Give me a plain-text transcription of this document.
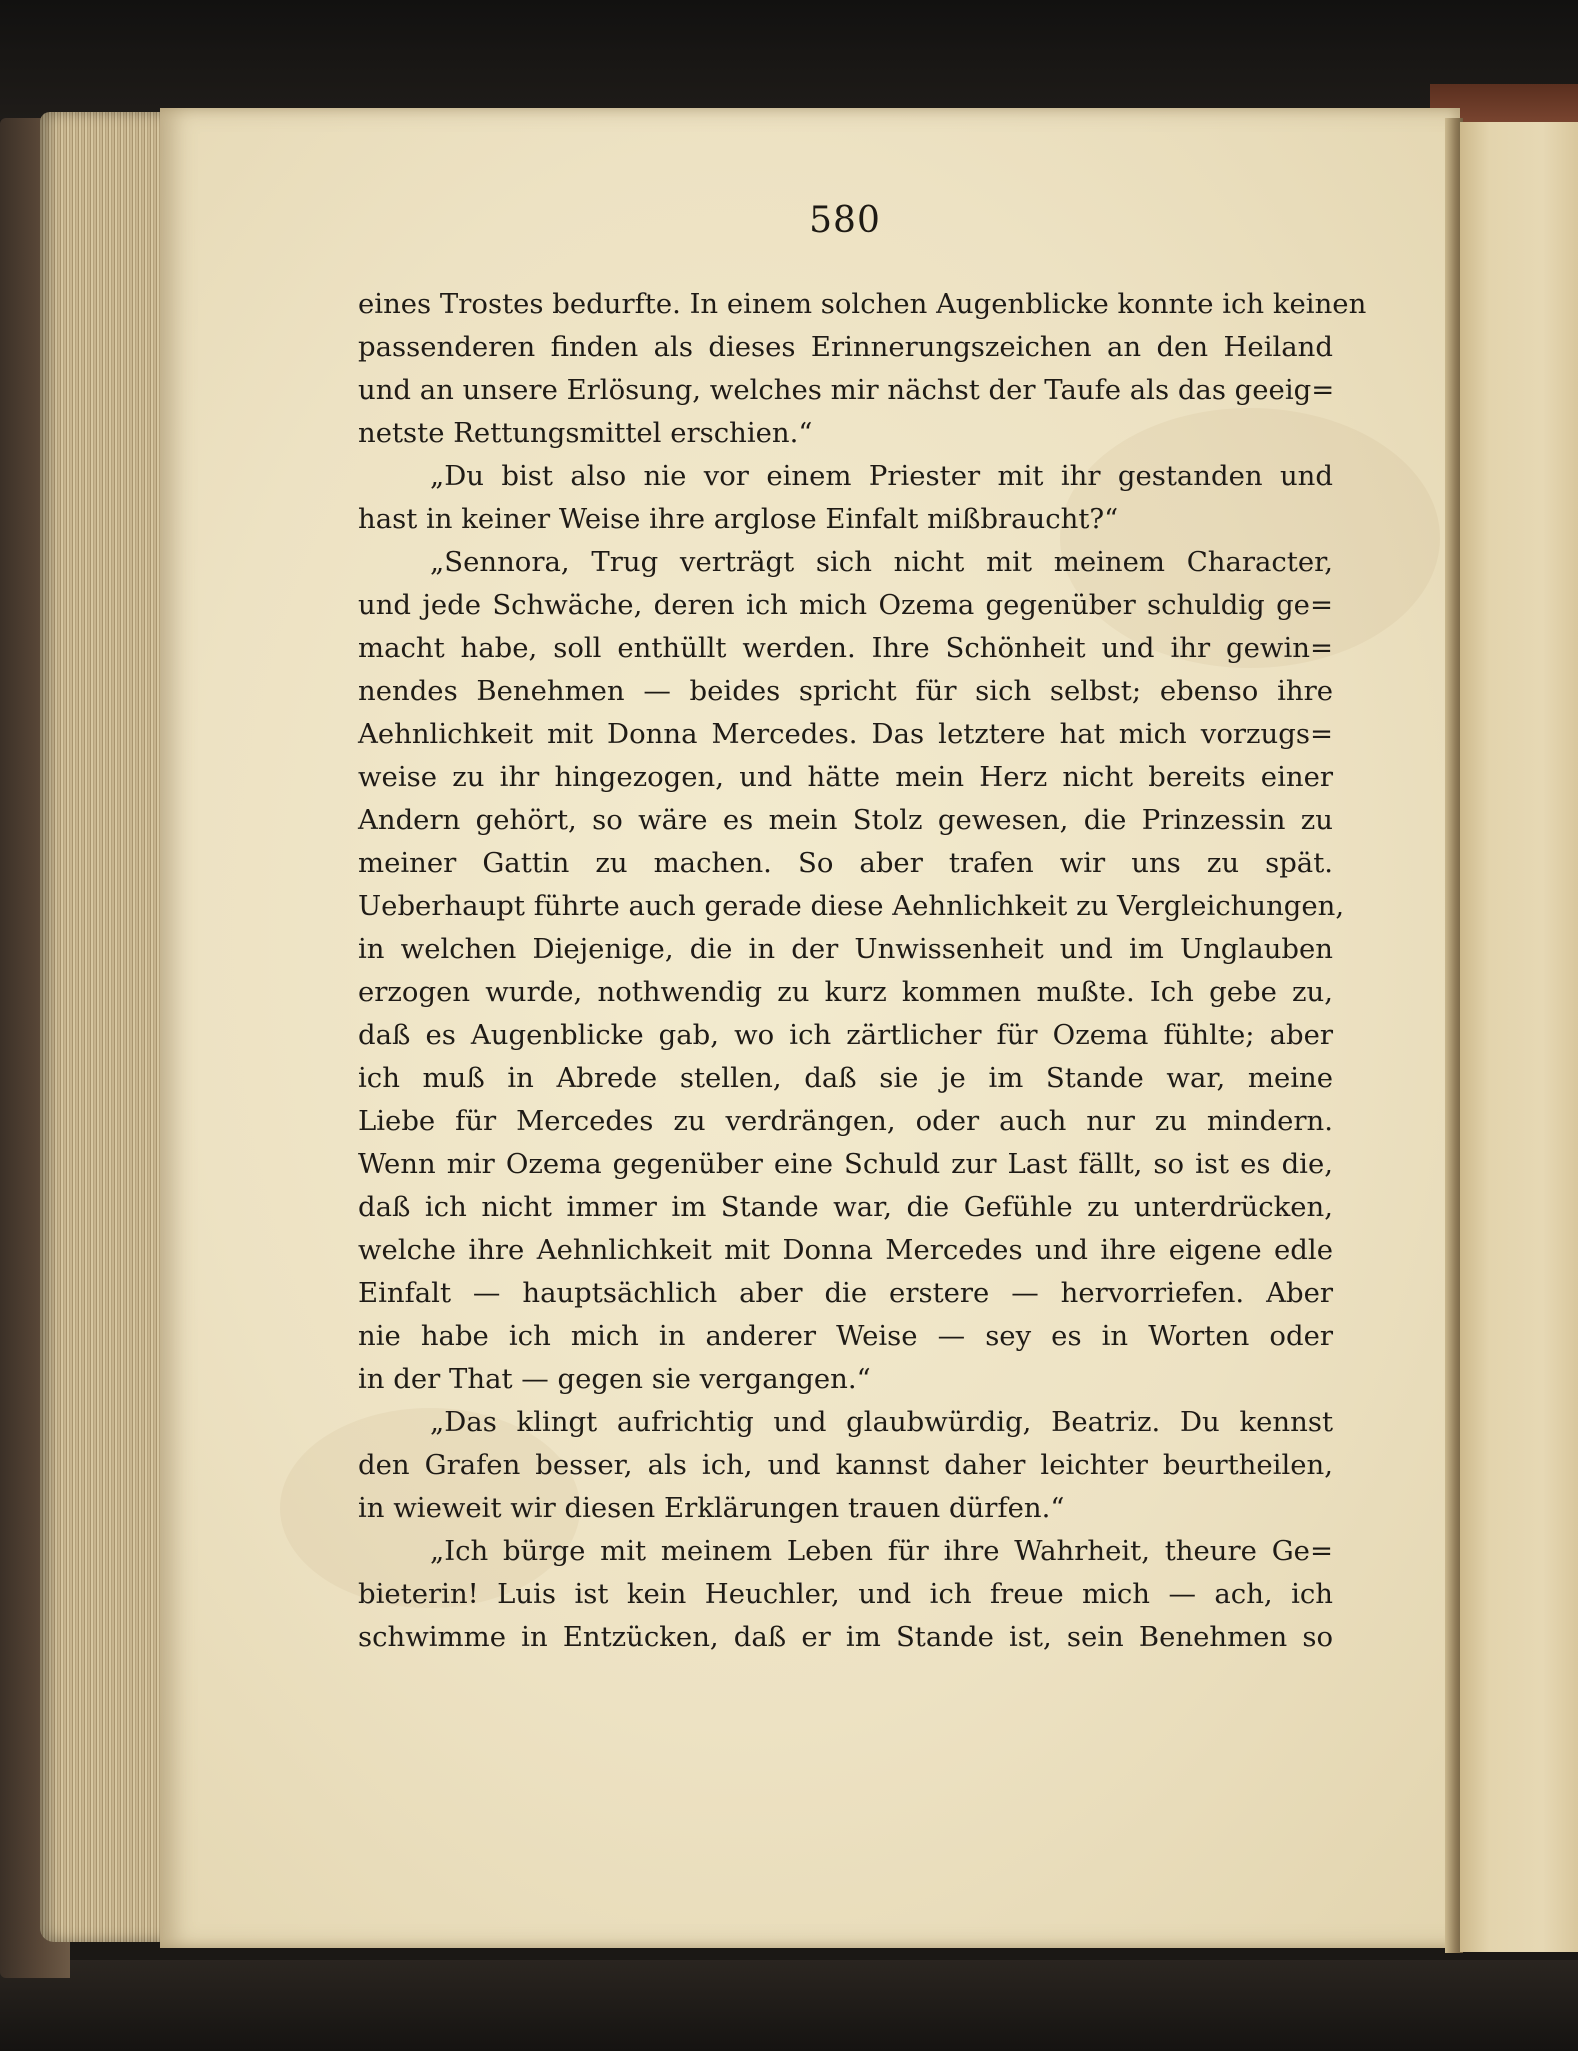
580
eines Trostes bedurfte. In einem solchen Augenblicke konnte ich keinen
passenderen finden als dieses Erinnerungszeichen an den Heiland
und an unsere Erlösung, welches mir nächst der Taufe als das geeig=
netste Rettungsmittel erschien.“
„Du bist also nie vor einem Priester mit ihr gestanden und
hast in keiner Weise ihre arglose Einfalt mißbraucht?“
„Sennora, Trug verträgt sich nicht mit meinem Character,
und jede Schwäche, deren ich mich Ozema gegenüber schuldig ge=
macht habe, soll enthüllt werden. Ihre Schönheit und ihr gewin=
nendes Benehmen — beides spricht für sich selbst; ebenso ihre
Aehnlichkeit mit Donna Mercedes. Das letztere hat mich vorzugs=
weise zu ihr hingezogen, und hätte mein Herz nicht bereits einer
Andern gehört, so wäre es mein Stolz gewesen, die Prinzessin zu
meiner Gattin zu machen. So aber trafen wir uns zu spät.
Ueberhaupt führte auch gerade diese Aehnlichkeit zu Vergleichungen,
in welchen Diejenige, die in der Unwissenheit und im Unglauben
erzogen wurde, nothwendig zu kurz kommen mußte. Ich gebe zu,
daß es Augenblicke gab, wo ich zärtlicher für Ozema fühlte; aber
ich muß in Abrede stellen, daß sie je im Stande war, meine
Liebe für Mercedes zu verdrängen, oder auch nur zu mindern.
Wenn mir Ozema gegenüber eine Schuld zur Last fällt, so ist es die,
daß ich nicht immer im Stande war, die Gefühle zu unterdrücken,
welche ihre Aehnlichkeit mit Donna Mercedes und ihre eigene edle
Einfalt — hauptsächlich aber die erstere — hervorriefen. Aber
nie habe ich mich in anderer Weise — sey es in Worten oder
in der That — gegen sie vergangen.“
„Das klingt aufrichtig und glaubwürdig, Beatriz. Du kennst
den Grafen besser, als ich, und kannst daher leichter beurtheilen,
in wieweit wir diesen Erklärungen trauen dürfen.“
„Ich bürge mit meinem Leben für ihre Wahrheit, theure Ge=
bieterin! Luis ist kein Heuchler, und ich freue mich — ach, ich
schwimme in Entzücken, daß er im Stande ist, sein Benehmen so
